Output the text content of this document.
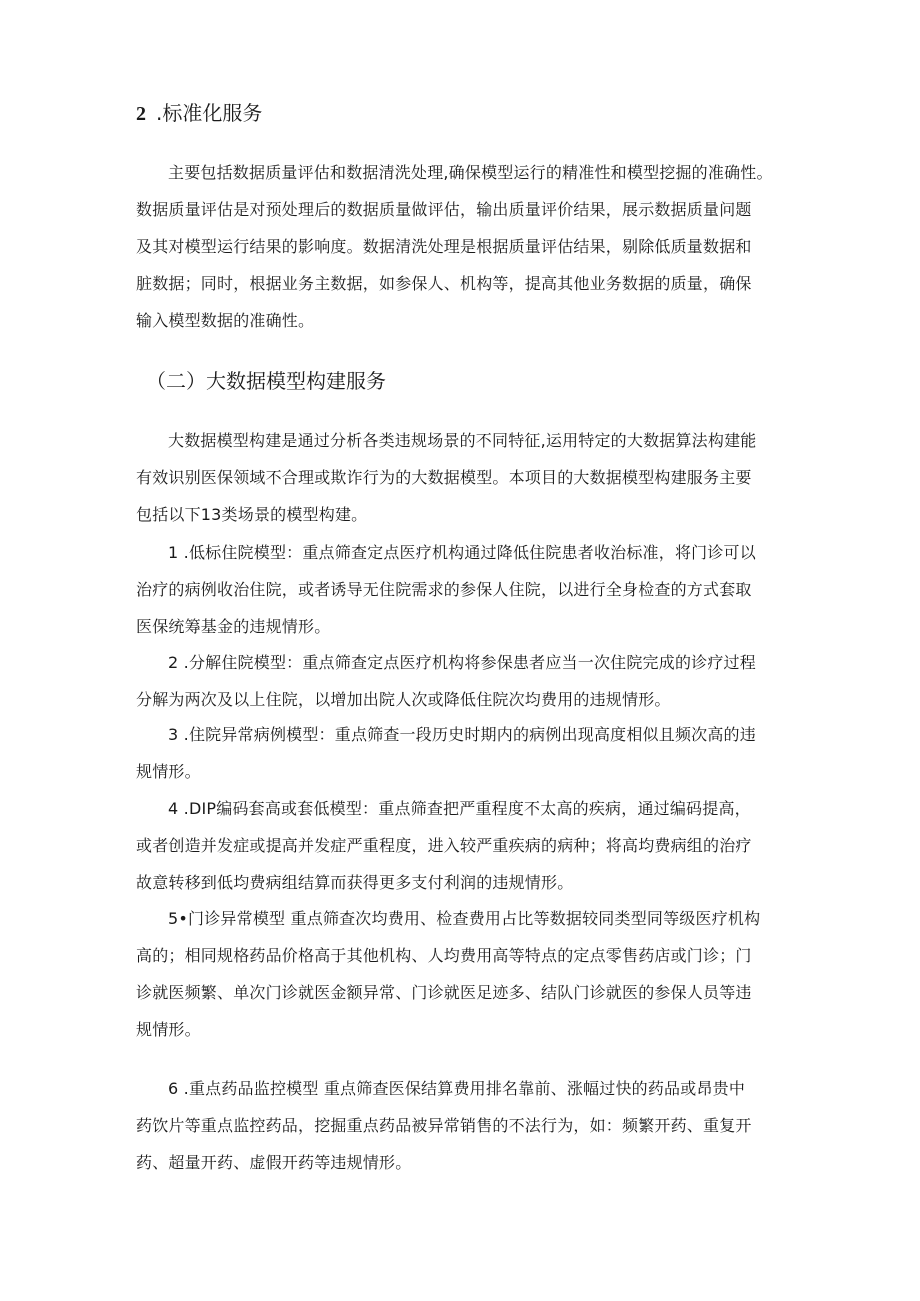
2 .标准化服务
主要包括数据质量评估和数据清洗处理,确保模型运行的精准性和模型挖掘的准确性。
数据质量评估是对预处理后的数据质量做评估，输出质量评价结果，展示数据质量问题
及其对模型运行结果的影响度。数据清洗处理是根据质量评估结果，剔除低质量数据和
脏数据；同时，根据业务主数据，如参保人、机构等，提高其他业务数据的质量，确保
输入模型数据的准确性。
（二）大数据模型构建服务
大数据模型构建是通过分析各类违规场景的不同特征,运用特定的大数据算法构建能
有效识别医保领域不合理或欺诈行为的大数据模型。本项目的大数据模型构建服务主要
包括以下13类场景的模型构建。
1 .低标住院模型：重点筛查定点医疗机构通过降低住院患者收治标准，将门诊可以
治疗的病例收治住院，或者诱导无住院需求的参保人住院，以进行全身检查的方式套取
医保统筹基金的违规情形。
2 .分解住院模型：重点筛查定点医疗机构将参保患者应当一次住院完成的诊疗过程
分解为两次及以上住院，以增加出院人次或降低住院次均费用的违规情形。
3 .住院异常病例模型：重点筛查一段历史时期内的病例出现高度相似且频次高的违
规情形。
4 .DIP编码套高或套低模型：重点筛查把严重程度不太高的疾病，通过编码提高，
或者创造并发症或提高并发症严重程度，进入较严重疾病的病种；将高均费病组的治疗
故意转移到低均费病组结算而获得更多支付利润的违规情形。
5•门诊异常模型 重点筛查次均费用、检查费用占比等数据较同类型同等级医疗机构
高的；相同规格药品价格高于其他机构、人均费用高等特点的定点零售药店或门诊；门
诊就医频繁、单次门诊就医金额异常、门诊就医足迹多、结队门诊就医的参保人员等违
规情形。
6 .重点药品监控模型 重点筛查医保结算费用排名靠前、涨幅过快的药品或昂贵中
药饮片等重点监控药品，挖掘重点药品被异常销售的不法行为，如：频繁开药、重复开
药、超量开药、虚假开药等违规情形。
